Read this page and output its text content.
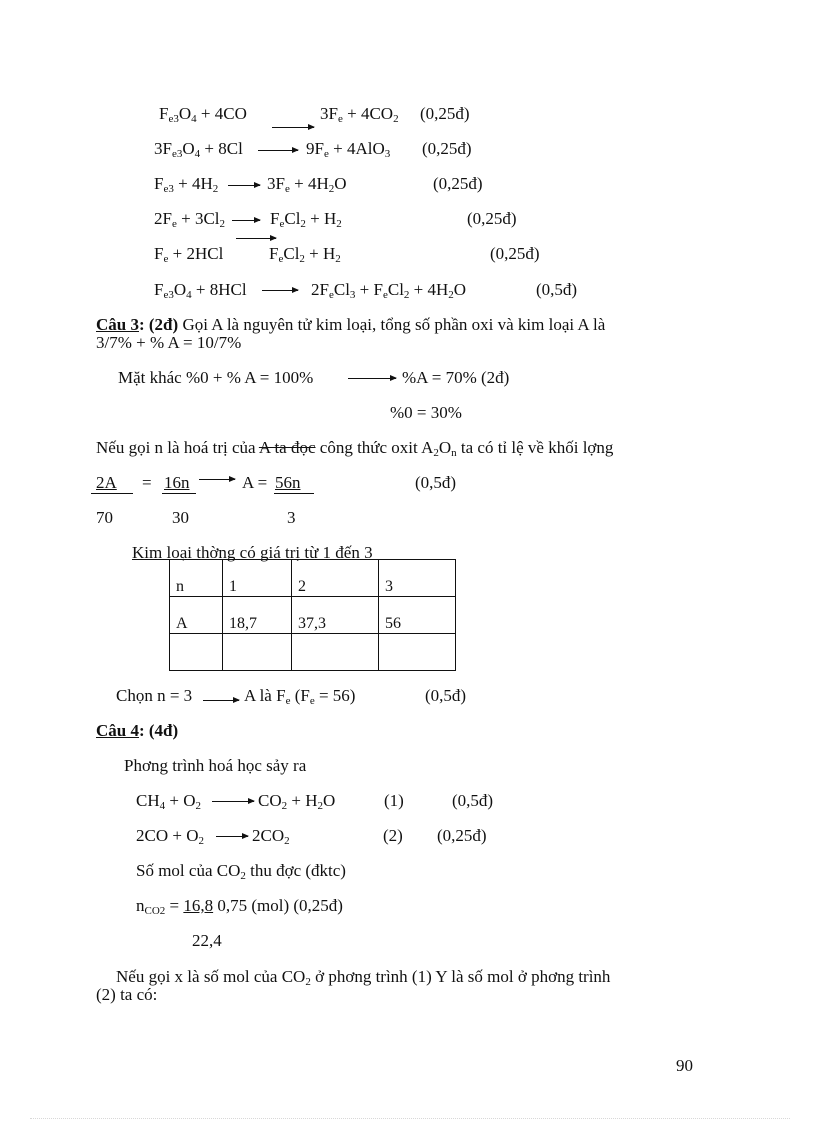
$F_{e3}O_4 + 4CO$	$3F_e + 4CO_2$ (0,25đ)
$3F_{e3}O_4 + 8Cl$	$9F_e + 4AlO_3$ (0,25đ)
$F_{e3} + 4H_2$	$3F_e + 4H_2O$	(0,25đ)
$2F_e + 3Cl_2$	$F_eCl_2 + H_2$	(0,25đ)
$F_e + 2HCl$	$F_eCl_2 + H_2$	(0,25đ)
$F_{e3}O_4 + 8HCl$	$2F_eCl_3 + F_eCl_2 + 4H_2O$	(0,5đ)
Câu 3: (2đ) Gọi A là nguyên tử kim loại, tổng số phần oxi và kim loại A là
3/7% + % A = 10/7%
Mặt khác %0 + % A = 100%	%A = 70% (2đ)
%0 = 30%
Nếu gọi n là hoá trị của A ta đọc công thức oxit $A_2O_n$ ta có tỉ lệ về khối lợng
2A = 16n	A = 56n	(0,5đ)
70	30	3
Kim loại thờng có giá trị từ 1 đến 3
n	1	2	3
A	18,7	37,3	56

Chọn n = 3	A là $F_e$ $(F_e = 56)$	(0,5đ)
Câu 4: (4đ)
Phơng trình hoá học sảy ra
$CH_4 + O_2$	$CO_2 + H_2O$	(1)	(0,5đ)
$2CO + O_2$	$2CO_2$	(2) (0,25đ)
Số mol của $CO_2$ thu đợc (đktc)
$n_{CO2} = 16,8$ 0,75 (mol) (0,25đ)
22,4
Nếu gọi x là số mol của $CO_2$ ở phơng trình (1) Y là số mol ở phơng trình
(2) ta có:
90
